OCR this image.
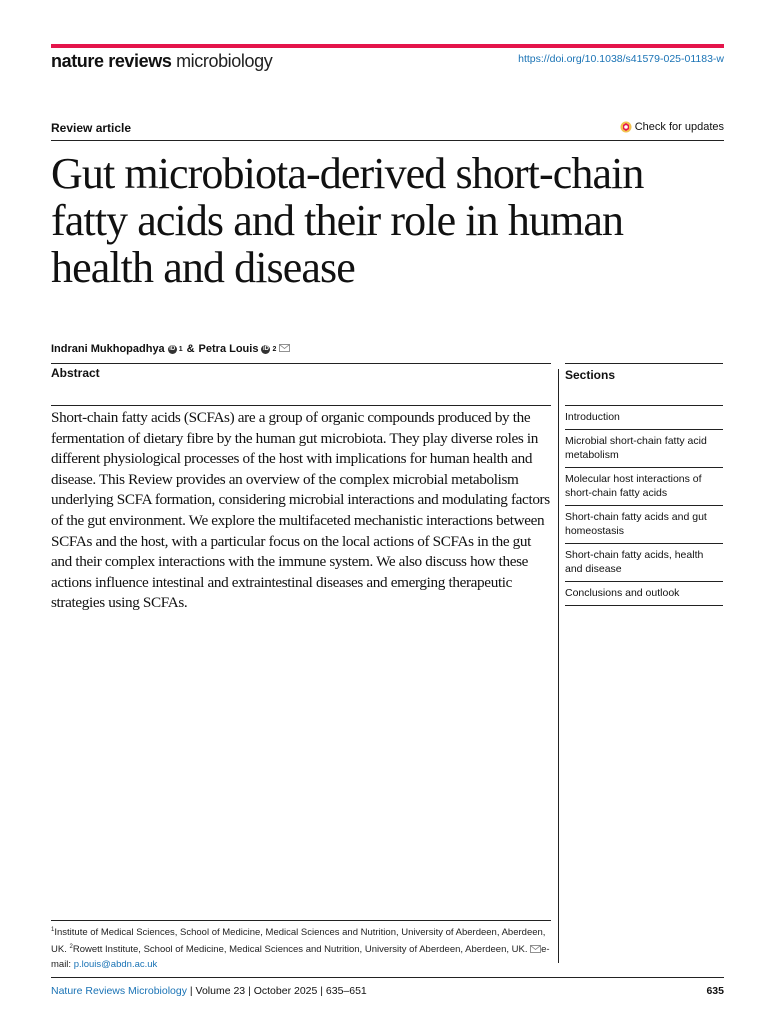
nature reviews microbiology	https://doi.org/10.1038/s41579-025-01183-w
Review article	Check for updates
Gut microbiota-derived short-chain fatty acids and their role in human health and disease
Indrani Mukhopadhya iD 1 & Petra Louis iD 2
Abstract	Sections

Short-chain fatty acids (SCFAs) are a group of organic compounds produced by the fermentation of dietary fibre by the human gut microbiota. They play diverse roles in different physiological processes of the host with implications for human health and disease. This Review provides an overview of the complex microbial metabolism underlying SCFA formation, considering microbial interactions and modulating factors of the gut environment. We explore the multifaceted mechanistic interactions between SCFAs and the host, with a particular focus on the local actions of SCFAs in the gut and their complex interactions with the immune system. We also discuss how these actions influence intestinal and extraintestinal diseases and emerging therapeutic strategies using SCFAs.

Introduction
Microbial short-chain fatty acid metabolism
Molecular host interactions of short-chain fatty acids
Short-chain fatty acids and gut homeostasis
Short-chain fatty acids, health and disease
Conclusions and outlook

$^1$Institute of Medical Sciences, School of Medicine, Medical Sciences and Nutrition, University of Aberdeen, Aberdeen, UK. $^2$Rowett Institute, School of Medicine, Medical Sciences and Nutrition, University of Aberdeen, Aberdeen, UK. e-mail: p.louis@abdn.ac.uk

Nature Reviews Microbiology | Volume 23 | October 2025 | 635–651	635
